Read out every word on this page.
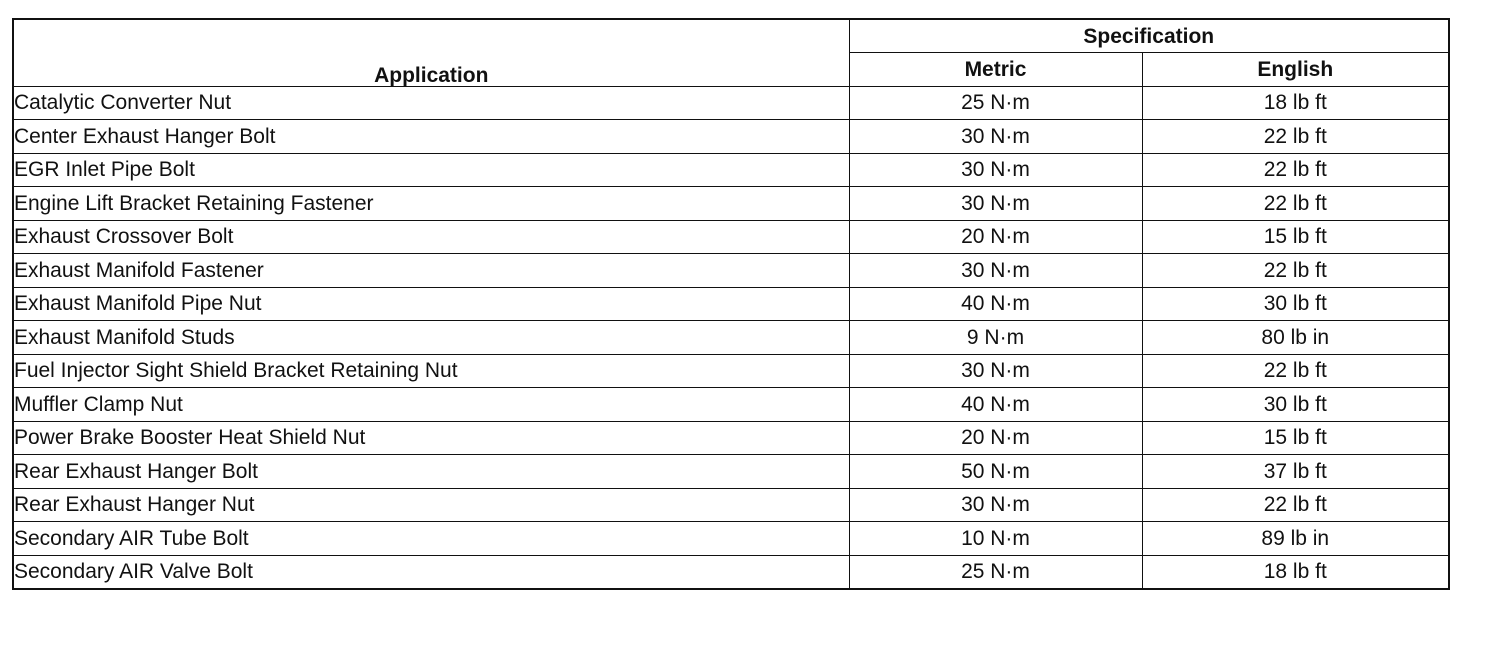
Application	Specification	
	Metric	English
Catalytic Converter Nut	25 N·m	18 lb ft
Center Exhaust Hanger Bolt	30 N·m	22 lb ft
EGR Inlet Pipe Bolt	30 N·m	22 lb ft
Engine Lift Bracket Retaining Fastener	30 N·m	22 lb ft
Exhaust Crossover Bolt	20 N·m	15 lb ft
Exhaust Manifold Fastener	30 N·m	22 lb ft
Exhaust Manifold Pipe Nut	40 N·m	30 lb ft
Exhaust Manifold Studs	9 N·m	80 lb in
Fuel Injector Sight Shield Bracket Retaining Nut	30 N·m	22 lb ft
Muffler Clamp Nut	40 N·m	30 lb ft
Power Brake Booster Heat Shield Nut	20 N·m	15 lb ft
Rear Exhaust Hanger Bolt	50 N·m	37 lb ft
Rear Exhaust Hanger Nut	30 N·m	22 lb ft
Secondary AIR Tube Bolt	10 N·m	89 lb in
Secondary AIR Valve Bolt	25 N·m	18 lb ft
